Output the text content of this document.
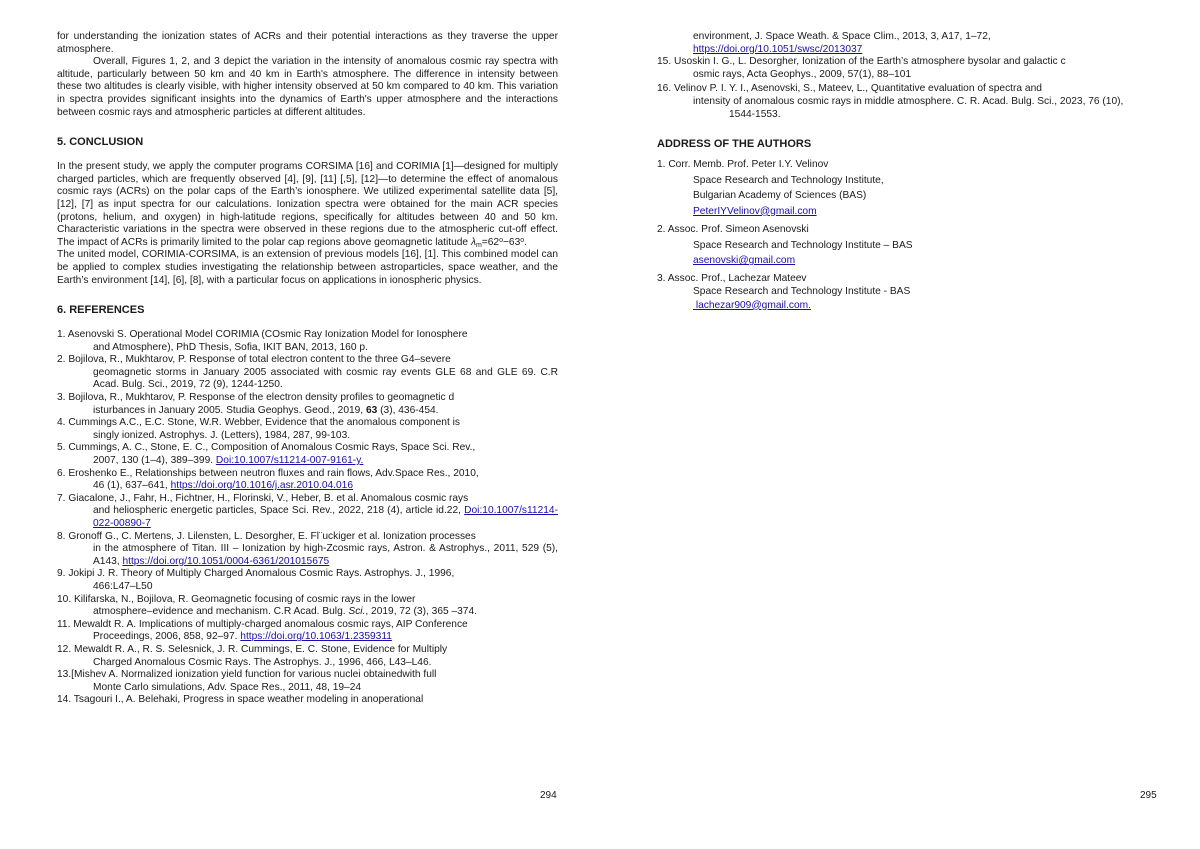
for understanding the ionization states of ACRs and their potential interactions as they traverse the upper atmosphere.

Overall, Figures 1, 2, and 3 depict the variation in the intensity of anomalous cosmic ray spectra with altitude, particularly between 50 km and 40 km in Earth's atmosphere. The difference in intensity between these two altitudes is clearly visible, with higher intensity observed at 50 km compared to 40 km. This variation in spectra provides significant insights into the dynamics of Earth's upper atmosphere and the interactions between cosmic rays and atmospheric particles at different altitudes.

5. CONCLUSION

In the present study, we apply the computer programs CORSIMA [16] and CORIMIA [1]—designed for multiply charged particles, which are frequently observed [4], [9], [11] [,5], [12]—to determine the effect of anomalous cosmic rays (ACRs) on the polar caps of the Earth’s ionosphere. We utilized experimental satellite data [5], [12], [7] as input spectra for our calculations. Ionization spectra were obtained for the main ACR species (protons, helium, and oxygen) in high-latitude regions, specifically for altitudes between 40 and 50 km. Characteristic variations in the spectra were observed in these regions due to the atmospheric cut-off effect. The impact of ACRs is primarily limited to the polar cap regions above geomagnetic latitude $\lambda_m=62^o-63^o$.

The united model, CORIMIA-CORSIMA, is an extension of previous models [16], [1]. This combined model can be applied to complex studies investigating the relationship between astroparticles, space weather, and the Earth’s environment [14], [6], [8], with a particular focus on applications in ionospheric physics.

6. REFERENCES
1. Asenovski S. Operational Model CORIMIA (COsmic Ray Ionization Model for Ionosphere
and Atmosphere), PhD Thesis, Sofia, IKIT BAN, 2013, 160 p.
2. Bojilova, R., Mukhtarov, P. Response of total electron content to the three G4–severe
geomagnetic storms in January 2005 associated with cosmic ray events GLE 68 and GLE 69. C.R Acad. Bulg. Sci., 2019, 72 (9), 1244-1250.
3. Bojilova, R., Mukhtarov, P. Response of the electron density profiles to geomagnetic d
isturbances in January 2005. Studia Geophys. Geod., 2019, 63 (3), 436-454.
4. Cummings A.C., E.C. Stone, W.R. Webber, Evidence that the anomalous component is
singly ionized. Astrophys. J. (Letters), 1984, 287, 99-103.
5. Cummings, A. C., Stone, E. C., Composition of Anomalous Cosmic Rays, Space Sci. Rev.,
2007, 130 (1–4), 389–399. Doi:10.1007/s11214-007-9161-y.
6. Eroshenko E., Relationships between neutron fluxes and rain flows, Adv.Space Res., 2010,
46 (1), 637–641, https://doi.org/10.1016/j.asr.2010.04.016
7. Giacalone, J., Fahr, H., Fichtner, H., Florinski, V., Heber, B. et al. Anomalous cosmic rays
and heliospheric energetic particles, Space Sci. Rev., 2022, 218 (4), article id.22, Doi:10.1007/s11214-022-00890-7
8. Gronoff G., C. Mertens, J. Lilensten, L. Desorgher, E. Fl¨uckiger et al. Ionization processes
in the atmosphere of Titan. III – Ionization by high-Zcosmic rays, Astron. & Astrophys., 2011, 529 (5), A143, https://doi.org/10.1051/0004-6361/201015675
9. Jokipi J. R. Theory of Multiply Charged Anomalous Cosmic Rays. Astrophys. J., 1996,
466:L47–L50
10. Kilifarska, N., Bojilova, R. Geomagnetic focusing of cosmic rays in the lower
atmosphere–evidence and mechanism. C.R Acad. Bulg. Sci., 2019, 72 (3), 365 –374.
11. Mewaldt R. A. Implications of multiply-charged anomalous cosmic rays, AIP Conference
Proceedings, 2006, 858, 92–97. https://doi.org/10.1063/1.2359311
12. Mewaldt R. A., R. S. Selesnick, J. R. Cummings, E. C. Stone, Evidence for Multiply
Charged Anomalous Cosmic Rays. The Astrophys. J., 1996, 466, L43–L46.
13.[Mishev A. Normalized ionization yield function for various nuclei obtainedwith full
Monte Carlo simulations, Adv. Space Res., 2011, 48, 19–24
14. Tsagouri I., A. Belehaki, Progress in space weather modeling in anoperational
294
environment, J. Space Weath. & Space Clim., 2013, 3, A17, 1–72,
https://doi.org/10.1051/swsc/2013037
15. Usoskin I. G., L. Desorgher, Ionization of the Earth’s atmosphere bysolar and galactic c
osmic rays, Acta Geophys., 2009, 57(1), 88–101
16. Velinov P. I. Y. I., Asenovski, S., Mateev, L., Quantitative evaluation of spectra and
intensity of anomalous cosmic rays in middle atmosphere. C. R. Acad. Bulg. Sci., 2023, 76 (10),
1544-1553.
ADDRESS OF THE AUTHORS
1. Corr. Memb. Prof. Peter I.Y. Velinov
Space Research and Technology Institute,
Bulgarian Academy of Sciences (BAS)
PeterIYVelinov@gmail.com
2. Assoc. Prof. Simeon Asenovski
Space Research and Technology Institute – BAS
asenovski@gmail.com
3. Assoc. Prof., Lachezar Mateev
Space Research and Technology Institute - BAS
lachezar909@gmail.com.
295
